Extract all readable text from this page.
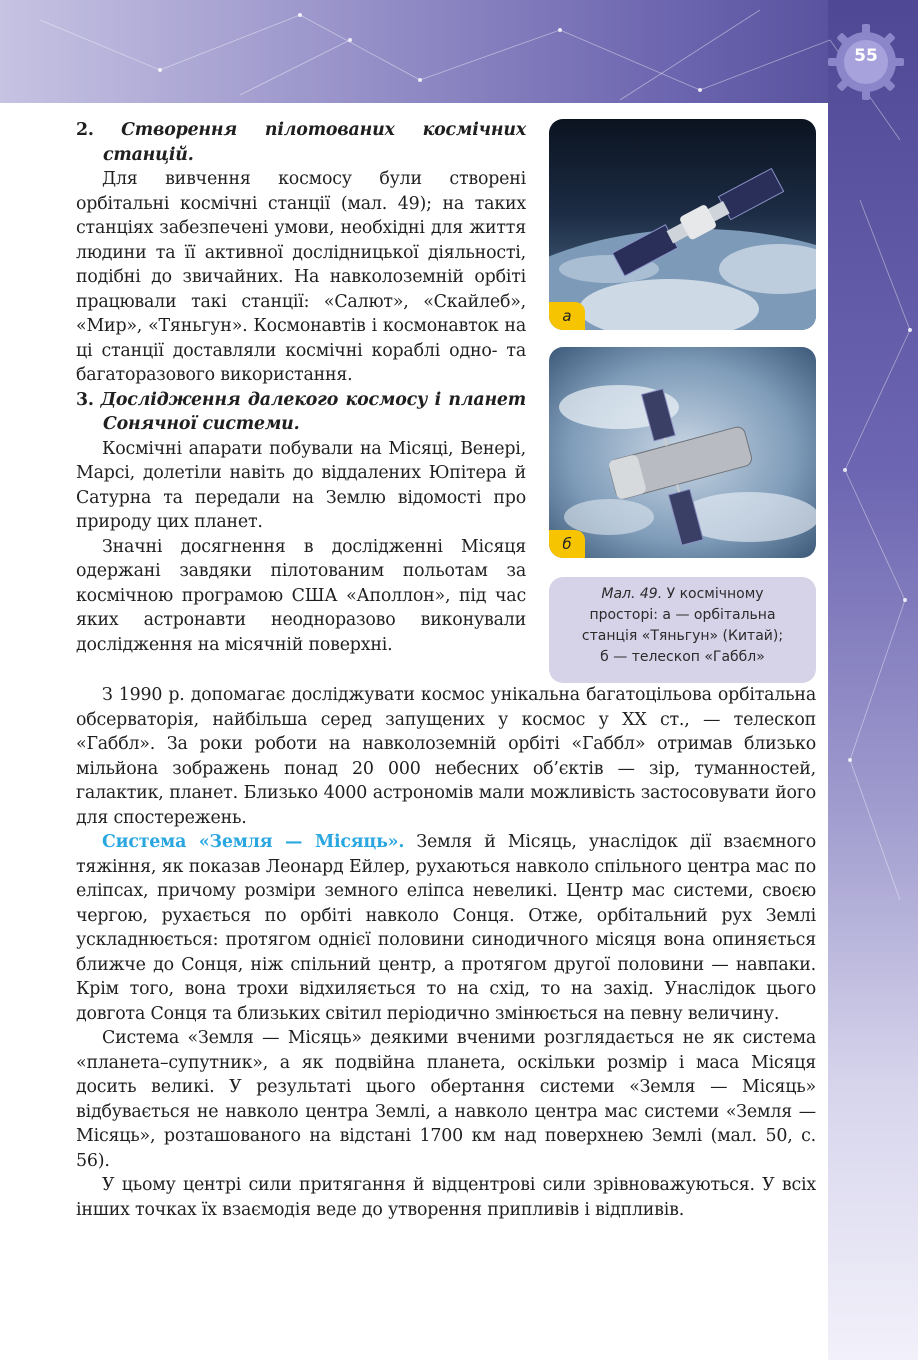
55

2. Створення пілотованих космічних станцій.

Для вивчення космосу були створені орбітальні космічні станції (мал. 49); на таких станціях забезпечені умови, необхідні для життя людини та її активної дослідницької діяльності, подібні до звичайних. На навколоземній орбіті працювали такі станції: «Салют», «Скайлеб», «Мир», «Тяньгун». Космонавтів і космонавток на ці станції доставляли космічні кораблі одно- та багаторазового використання.

3. Дослідження далекого космосу і планет Сонячної системи.

Космічні апарати побували на Місяці, Венері, Марсі, долетіли навіть до віддалених Юпітера й Сатурна та передали на Землю відомості про природу цих планет.

Значні досягнення в дослідженні Місяця одержані завдяки пілотованим польотам за космічною програмою США «Аполлон», під час яких астронавти неодноразово виконували дослідження на місячній поверхні.

З 1990 р. допомагає досліджувати космос унікальна багатоцільова орбітальна обсерваторія, найбільша серед запущених у космос у ХХ ст., — телескоп «Габбл». За роки роботи на навколоземній орбіті «Габбл» отримав близько мільйона зображень понад 20 000 небесних об’єктів — зір, туманностей, галактик, планет. Близько 4000 астрономів мали можливість застосовувати його для спостережень.

Система «Земля — Місяць». Земля й Місяць, унаслідок дії взаємного тяжіння, як показав Леонард Ейлер, рухаються навколо спільного центра мас по еліпсах, причому розміри земного еліпса невеликі. Центр мас системи, своєю чергою, рухається по орбіті навколо Сонця. Отже, орбітальний рух Землі ускладнюється: протягом однієї половини синодичного місяця вона опиняється ближче до Сонця, ніж спільний центр, а протягом другої половини — навпаки. Крім того, вона трохи відхиляється то на схід, то на захід. Унаслідок цього довгота Сонця та близьких світил періодично змінюється на певну величину.

Система «Земля — Місяць» деякими вченими розглядається не як система «планета–супутник», а як подвійна планета, оскільки розмір і маса Місяця досить великі. У результаті цього обертання системи «Земля — Місяць» відбувається не навколо центра Землі, а навколо центра мас системи «Земля — Місяць», розташованого на відстані 1700 км над поверхнею Землі (мал. 50, с. 56).

У цьому центрі сили притягання й відцентрові сили зрівноважуються. У всіх інших точках їх взаємодія веде до утворення припливів і відпливів.

а
б
Мал. 49. У космічному
просторі: а — орбітальна
станція «Тяньгун» (Китай);
б — телескоп «Габбл»
